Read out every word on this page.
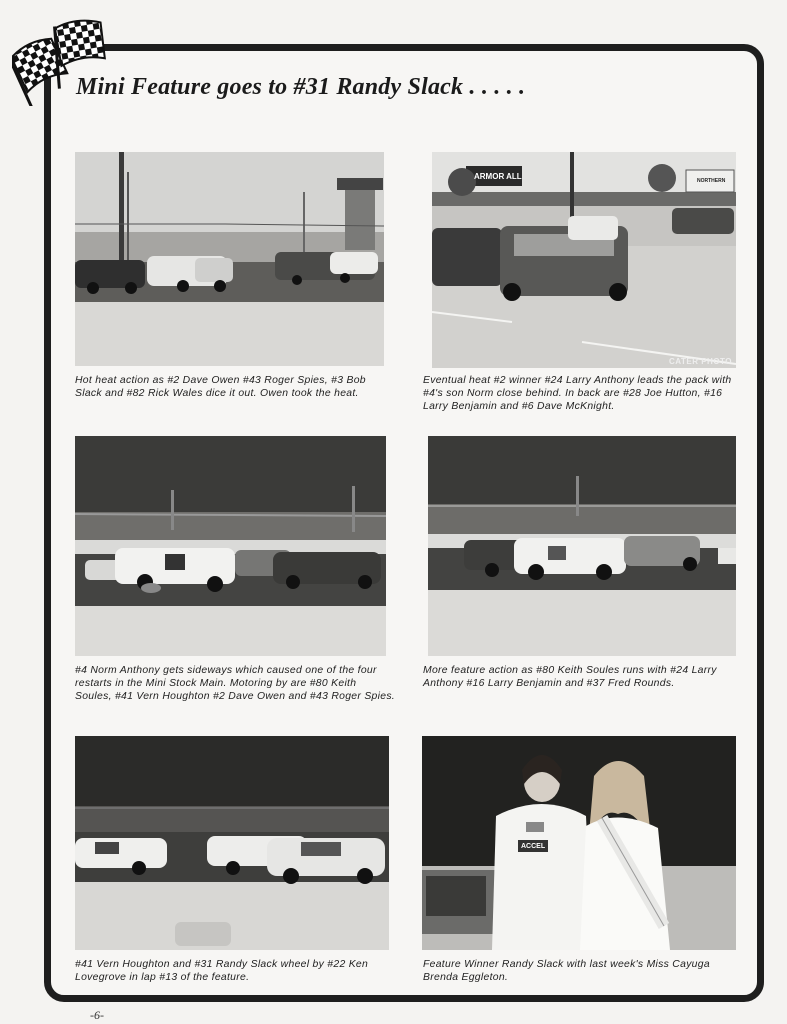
Mini Feature goes to #31 Randy Slack . . . . .

Hot heat action as #2 Dave Owen #43 Roger Spies, #3 Bob Slack and #82 Rick Wales dice it out. Owen took the heat.

ARMOR ALL	NORTHERN
CATER PHOTO

Eventual heat #2 winner #24 Larry Anthony leads the pack with #4's son Norm close behind. In back are #28 Joe Hutton, #16 Larry Benjamin and #6 Dave McKnight.

#4 Norm Anthony gets sideways which caused one of the four restarts in the Mini Stock Main. Motoring by are #80 Keith Soules, #41 Vern Houghton #2 Dave Owen and #43 Roger Spies.

More feature action as #80 Keith Soules runs with #24 Larry Anthony #16 Larry Benjamin and #37 Fred Rounds.

#41 Vern Houghton and #31 Randy Slack wheel by #22 Ken Lovegrove in lap #13 of the feature.

ACCEL

Feature Winner Randy Slack with last week's Miss Cayuga Brenda Eggleton.

-6-
